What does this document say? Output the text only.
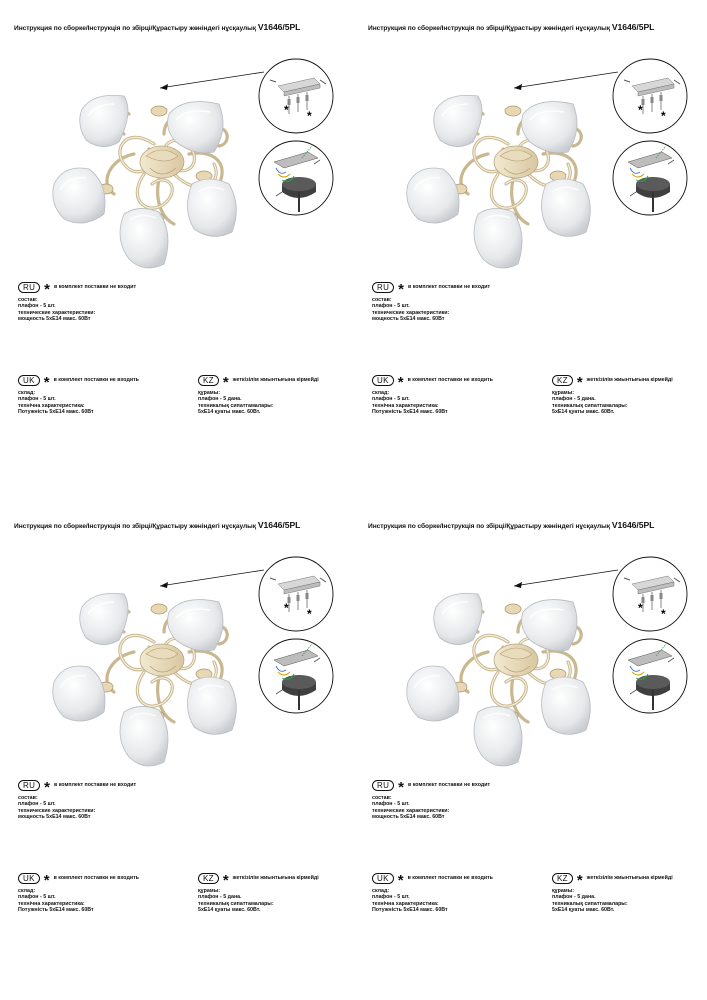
Инструкция по сборке/Інструкція по збірці/Құрастыру жөніндегі нұсқаулық V1646/5PL
* *
RU * в комплект поставки не входит
состав:
плафон - 5 шт.
технические характеристики:
мощность 5хЕ14 макс. 60Вт
UK * в комплект поставки не входить
склад:
плафон - 5 шт.
технічна характеристика:
Потужність 5хЕ14 макс. 60Вт
KZ * жеткізілім жиынтығына кірмейді
құрамы:
плафон - 5 дана.
техникалық сипаттамалары:
5хЕ14 қуаты макс. 60Вт.
Инструкция по сборке/Інструкція по збірці/Құрастыру жөніндегі нұсқаулық V1646/5PL
* *
RU * в комплект поставки не входит
состав:
плафон - 5 шт.
технические характеристики:
мощность 5хЕ14 макс. 60Вт
UK * в комплект поставки не входить
склад:
плафон - 5 шт.
технічна характеристика:
Потужність 5хЕ14 макс. 60Вт
KZ * жеткізілім жиынтығына кірмейді
құрамы:
плафон - 5 дана.
техникалық сипаттамалары:
5хЕ14 қуаты макс. 60Вт.
Инструкция по сборке/Інструкція по збірці/Құрастыру жөніндегі нұсқаулық V1646/5PL
* *
RU * в комплект поставки не входит
состав:
плафон - 5 шт.
технические характеристики:
мощность 5хЕ14 макс. 60Вт
UK * в комплект поставки не входить
склад:
плафон - 5 шт.
технічна характеристика:
Потужність 5хЕ14 макс. 60Вт
KZ * жеткізілім жиынтығына кірмейді
құрамы:
плафон - 5 дана.
техникалық сипаттамалары:
5хЕ14 қуаты макс. 60Вт.
Инструкция по сборке/Інструкція по збірці/Құрастыру жөніндегі нұсқаулық V1646/5PL
* *
RU * в комплект поставки не входит
состав:
плафон - 5 шт.
технические характеристики:
мощность 5хЕ14 макс. 60Вт
UK * в комплект поставки не входить
склад:
плафон - 5 шт.
технічна характеристика:
Потужність 5хЕ14 макс. 60Вт
KZ * жеткізілім жиынтығына кірмейді
құрамы:
плафон - 5 дана.
техникалық сипаттамалары:
5хЕ14 қуаты макс. 60Вт.
